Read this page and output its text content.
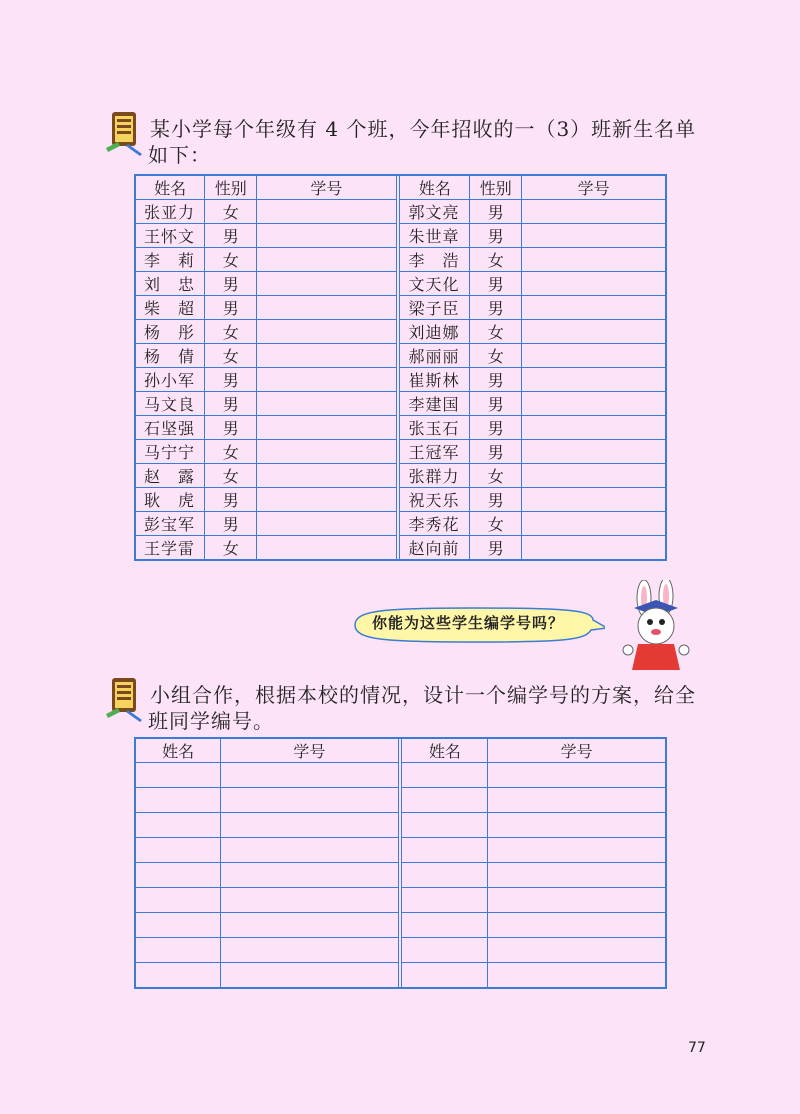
某小学每个年级有 4 个班，今年招收的一（3）班新生名单
如下：
姓名	性别	学号		姓名	性别	学号
张亚力	女			郭文亮	男	
王怀文	男			朱世章	男	
李　莉	女			李　浩	女	
刘　忠	男			文天化	男	
柴　超	男			梁子臣	男	
杨　彤	女			刘迪娜	女	
杨　倩	女			郝丽丽	女	
孙小军	男			崔斯林	男	
马文良	男			李建国	男	
石坚强	男			张玉石	男	
马宁宁	女			王冠军	男	
赵　露	女			张群力	女	
耿　虎	男			祝天乐	男	
彭宝军	男			李秀花	女	
王学雷	女			赵向前	男	
你能为这些学生编学号吗？
小组合作，根据本校的情况，设计一个编学号的方案，给全
班同学编号。
姓名	学号		姓名	学号

77
